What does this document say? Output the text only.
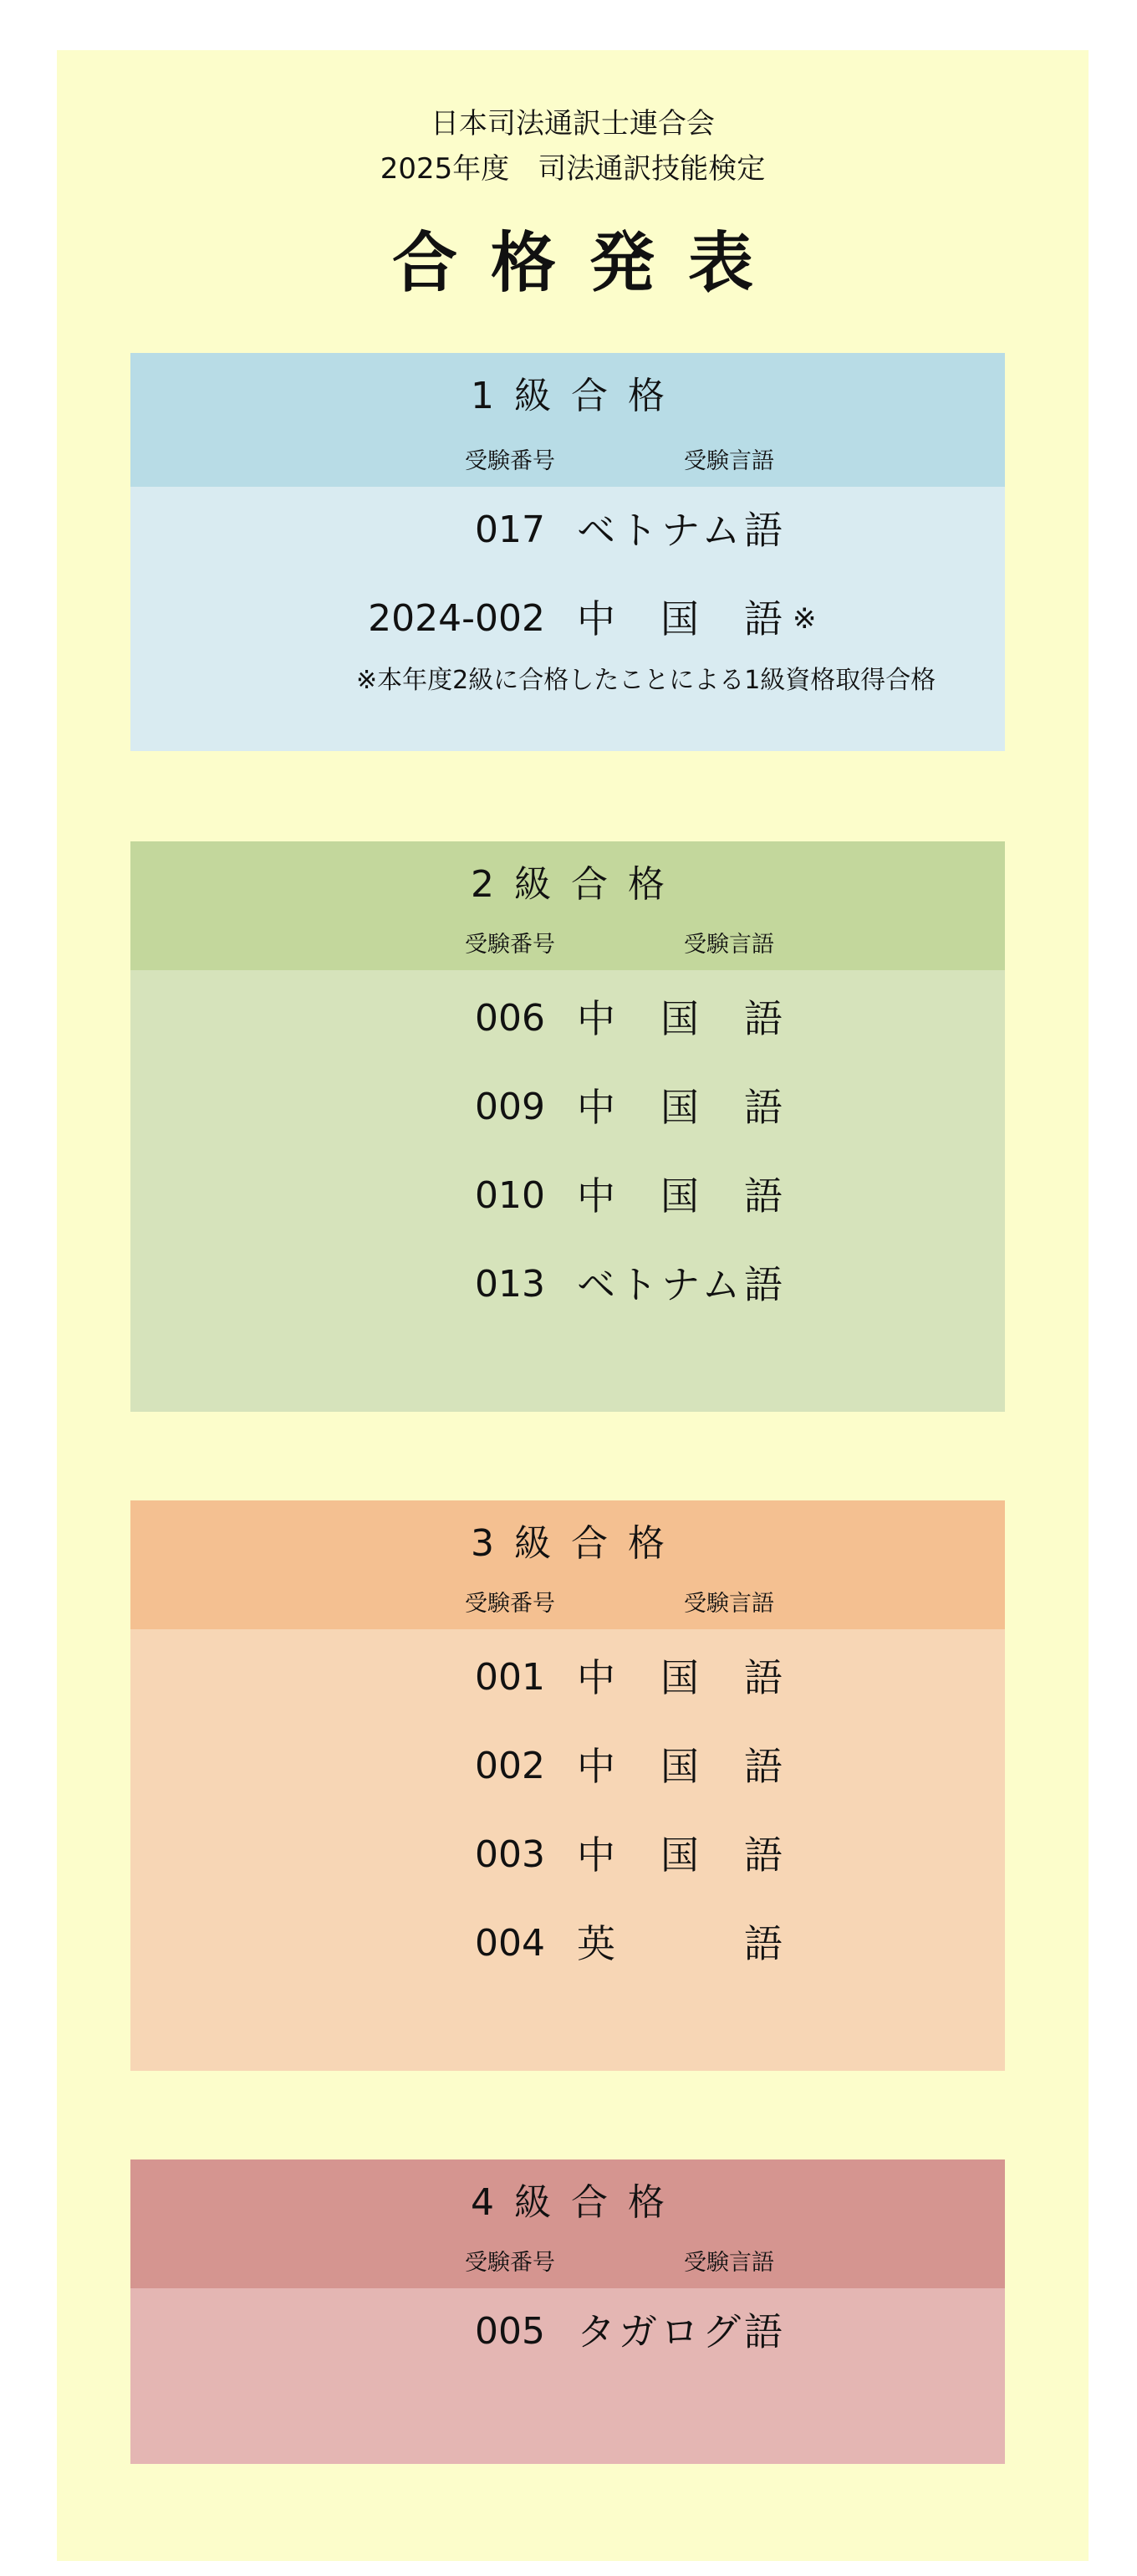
日本司法通訳士連合会
2025年度　司法通訳技能検定
合格発表
1級合格
受験番号	受験言語
017 ベトナム語
2024-002 中国語 ※
※本年度2級に合格したことによる1級資格取得合格
2級合格
受験番号	受験言語
006 中国語
009 中国語
010 中国語
013 ベトナム語
3級合格
受験番号	受験言語
001 中国語
002 中国語
003 中国語
004 英語
4級合格
受験番号	受験言語
005 タガログ語
